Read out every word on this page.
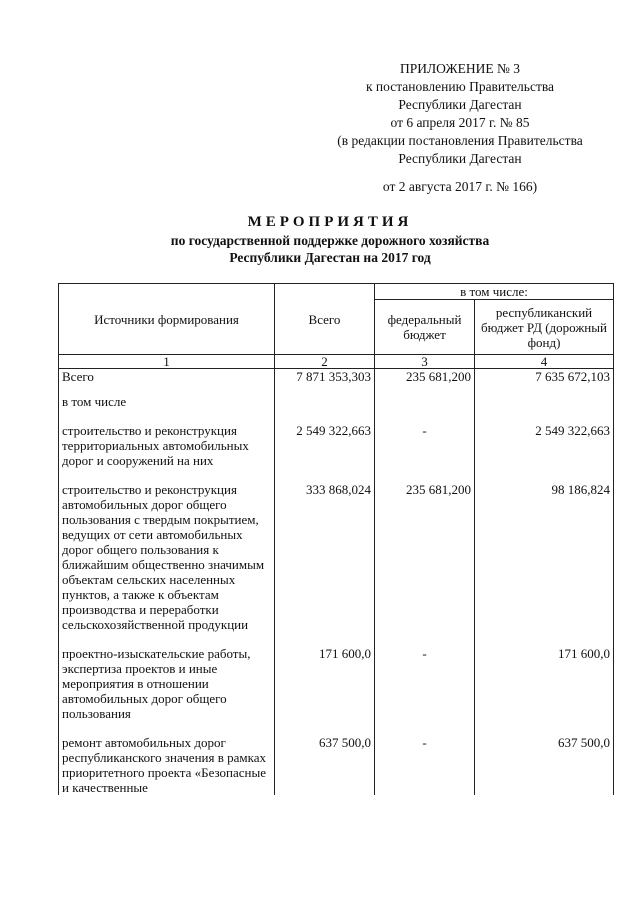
ПРИЛОЖЕНИЕ № 3
к постановлению Правительства
Республики Дагестан
от 6 апреля 2017 г. № 85
(в редакции постановления Правительства
Республики Дагестан
от 2 августа 2017 г. № 166)
МЕРОПРИЯТИЯ
по государственной поддержке дорожного хозяйства
Республики Дагестан на 2017 год
Источники формирования	Всего	в том числе:	
		федеральный бюджет	республиканский бюджет РД (дорожный фонд)
1	2	3	4
Всего	7 871 353,303	235 681,200	7 635 672,103

в том числе			

строительство и реконструкция территориальных автомобильных дорог и сооружений на них	2 549 322,663	-	2 549 322,663

строительство и реконструкция автомобильных дорог общего пользования с твердым покрытием, ведущих от сети автомобильных дорог общего пользования к ближайшим общественно значимым объектам сельских населенных пунктов, а также к объектам производства и переработки сельскохозяйственной продукции	333 868,024	235 681,200	98 186,824

проектно-изыскательские работы, экспертиза проектов и иные мероприятия в отношении автомобильных дорог общего пользования	171 600,0	-	171 600,0

ремонт автомобильных дорог республиканского значения в рамках приоритетного проекта «Безопасные и качественные	637 500,0	-	637 500,0
